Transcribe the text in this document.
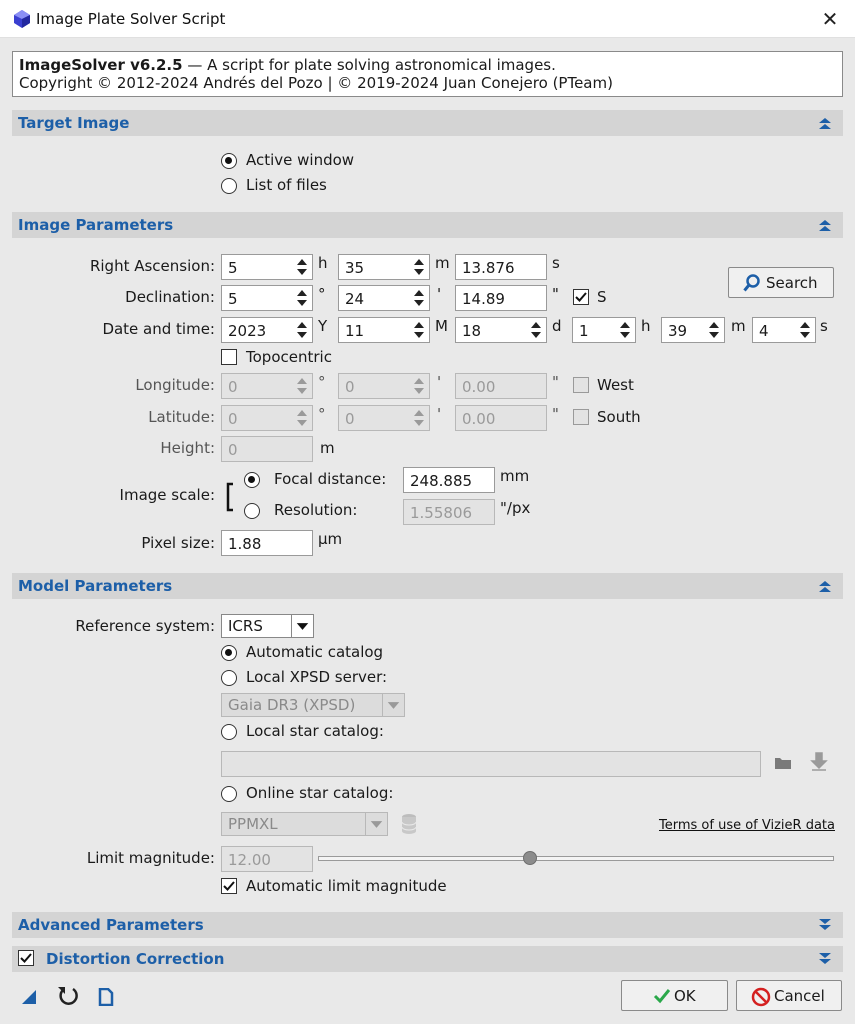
Image Plate Solver Script	✕
ImageSolver v6.2.5 — A script for plate solving astronomical images.
Copyright © 2012-2024 Andrés del Pozo | © 2019-2024 Juan Conejero (PTeam)
Target Image
Active window
List of files
Image Parameters
Right Ascension: 5	h 35	m 13.876	s
Search
Declination: 5	° 24	' 14.89	"	S
Date and time: 2023	Y 11	M 18	d 1	h 39	m 4	s
Topocentric
Longitude: 0	° 0	' 0.00	"	West
Latitude: 0	° 0	' 0.00	"	South
Height: 0	m
Image scale:
Focal distance: 248.885 mm
Resolution:	1.55806 "/px
Pixel size: 1.88	µm
Model Parameters
Reference system: ICRS
Automatic catalog
Local XPSD server:
Gaia DR3 (XPSD)
Local star catalog:
Online star catalog:
PPMXL	Terms of use of VizieR data
Limit magnitude: 12.00
Automatic limit magnitude
Advanced Parameters
Distortion Correction
OK	Cancel
